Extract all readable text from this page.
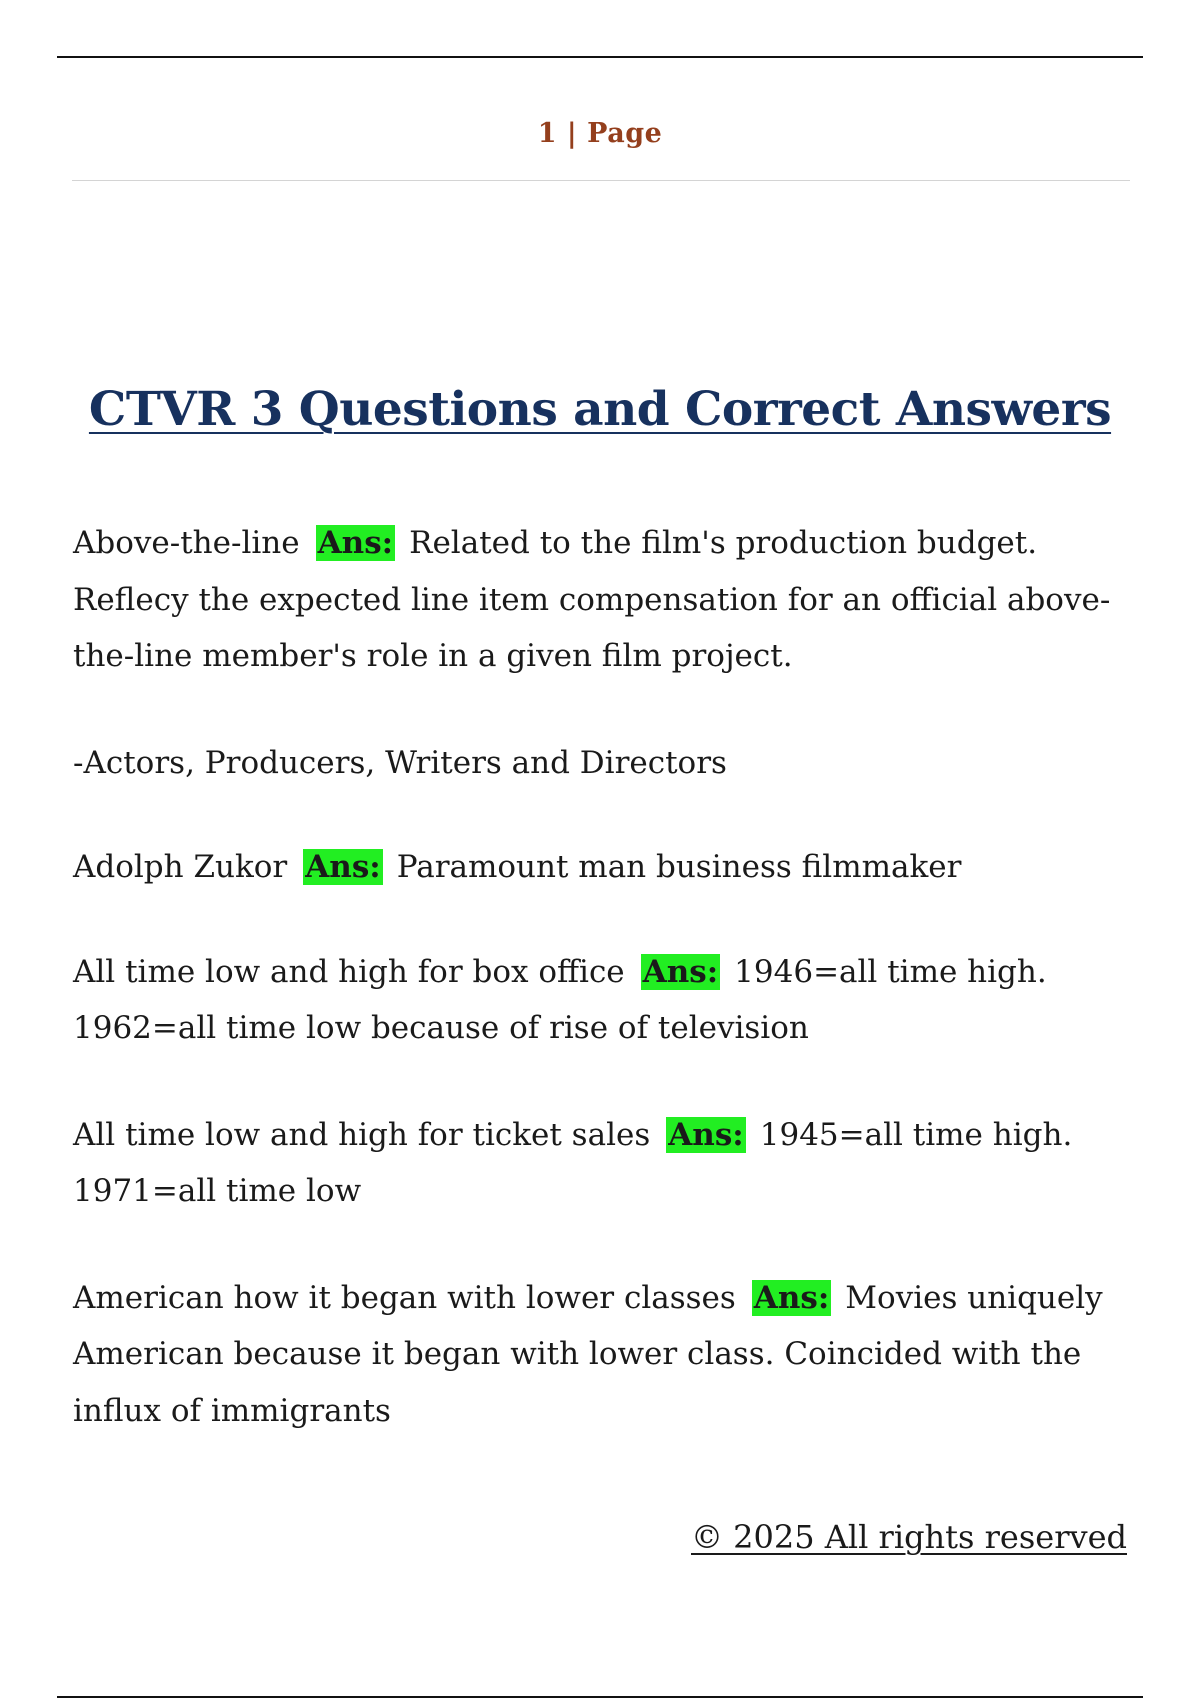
1 | Page
CTVR 3 Questions and Correct Answers

Above-the-line Ans: Related to the film's production budget. Reflecy the expected line item compensation for an official above-the-line member's role in a given film project.

-Actors, Producers, Writers and Directors

Adolph Zukor Ans: Paramount man business filmmaker

All time low and high for box office Ans: 1946=all time high. 1962=all time low because of rise of television

All time low and high for ticket sales Ans: 1945=all time high. 1971=all time low

American how it began with lower classes Ans: Movies uniquely American because it began with lower class. Coincided with the influx of immigrants

© 2025 All rights reserved
